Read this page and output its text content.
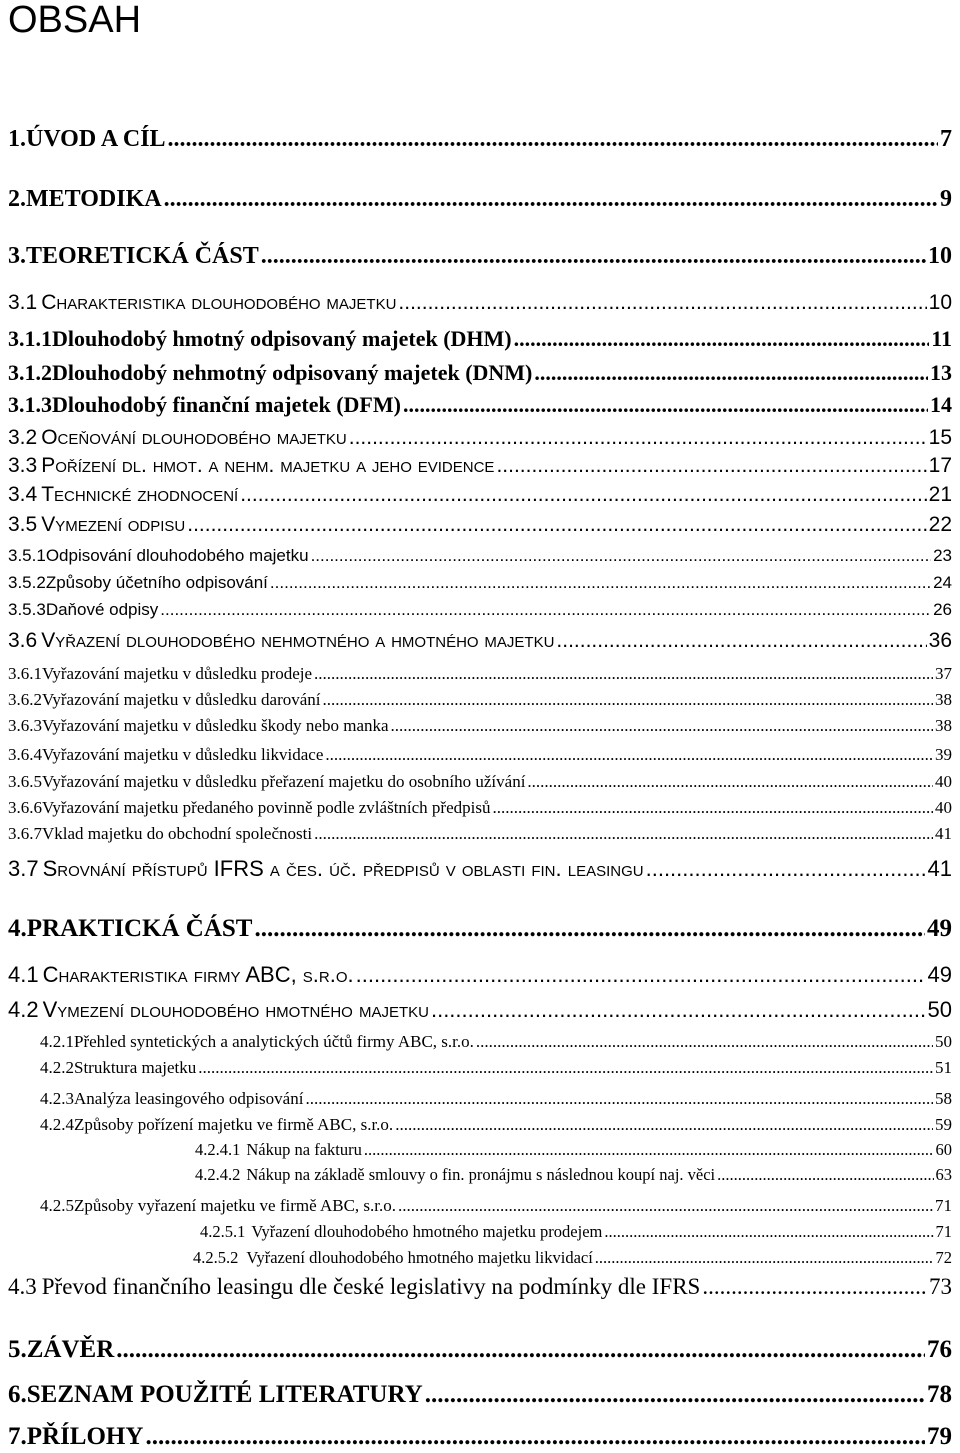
OBSAH
1. ÚVOD A CÍL .....	7
2. METODIKA .....	9
3. TEORETICKÁ ČÁST .....	10
3.1 Charakteristika dlouhodobého majetku .....	10
3.1.1 Dlouhodobý hmotný odpisovaný majetek (DHM) .....	11
3.1.2 Dlouhodobý nehmotný odpisovaný majetek (DNM) .....	13
3.1.3 Dlouhodobý finanční majetek (DFM) .....	14
3.2 Oceňování dlouhodobého majetku .....	15
3.3 Pořízení dl. hmot. a nehm. majetku a jeho evidence .....	17
3.4 Technické zhodnocení .....	21
3.5 Vymezení odpisu .....	22
3.5.1 Odpisování dlouhodobého majetku .....	23
3.5.2 Způsoby účetního odpisování .....	24
3.5.3 Daňové odpisy .....	26
3.6 Vyřazení dlouhodobého nehmotného a hmotného majetku .....	36
3.6.1 Vyřazování majetku v důsledku prodeje .....	37
3.6.2 Vyřazování majetku v důsledku darování .....	38
3.6.3 Vyřazování majetku v důsledku škody nebo manka .....	38
3.6.4 Vyřazování majetku v důsledku likvidace .....	39
3.6.5 Vyřazování majetku v důsledku přeřazení majetku do osobního užívání .....	40
3.6.6 Vyřazování majetku předaného povinně podle zvláštních předpisů .....	40
3.6.7 Vklad majetku do obchodní společnosti .....	41
3.7 Srovnání přístupů IFRS a čes. úč. předpisů v oblasti fin. leasingu .....	41
4. PRAKTICKÁ ČÁST .....	49
4.1 Charakteristika firmy ABC, s.r.o. .....	49
4.2 Vymezení dlouhodobého hmotného majetku .....	50
4.2.1 Přehled syntetických a analytických účtů firmy ABC, s.r.o. .....	50
4.2.2 Struktura majetku .....	51
4.2.3 Analýza leasingového odpisování .....	58
4.2.4 Způsoby pořízení majetku ve firmě ABC, s.r.o. .....	59
4.2.4.1 Nákup na fakturu .....	60
4.2.4.2 Nákup na základě smlouvy o fin. pronájmu s následnou koupí naj. věci .....	63
4.2.5 Způsoby vyřazení majetku ve firmě ABC, s.r.o. .....	71
4.2.5.1 Vyřazení dlouhodobého hmotného majetku prodejem .....	71
4.2.5.2 Vyřazení dlouhodobého hmotného majetku likvidací .....	72
4.3 Převod finančního leasingu dle české legislativy na podmínky dle IFRS .....	73
5. ZÁVĚR .....	76
6. SEZNAM POUŽITÉ LITERATURY .....	78
7. PŘÍLOHY .....	79
